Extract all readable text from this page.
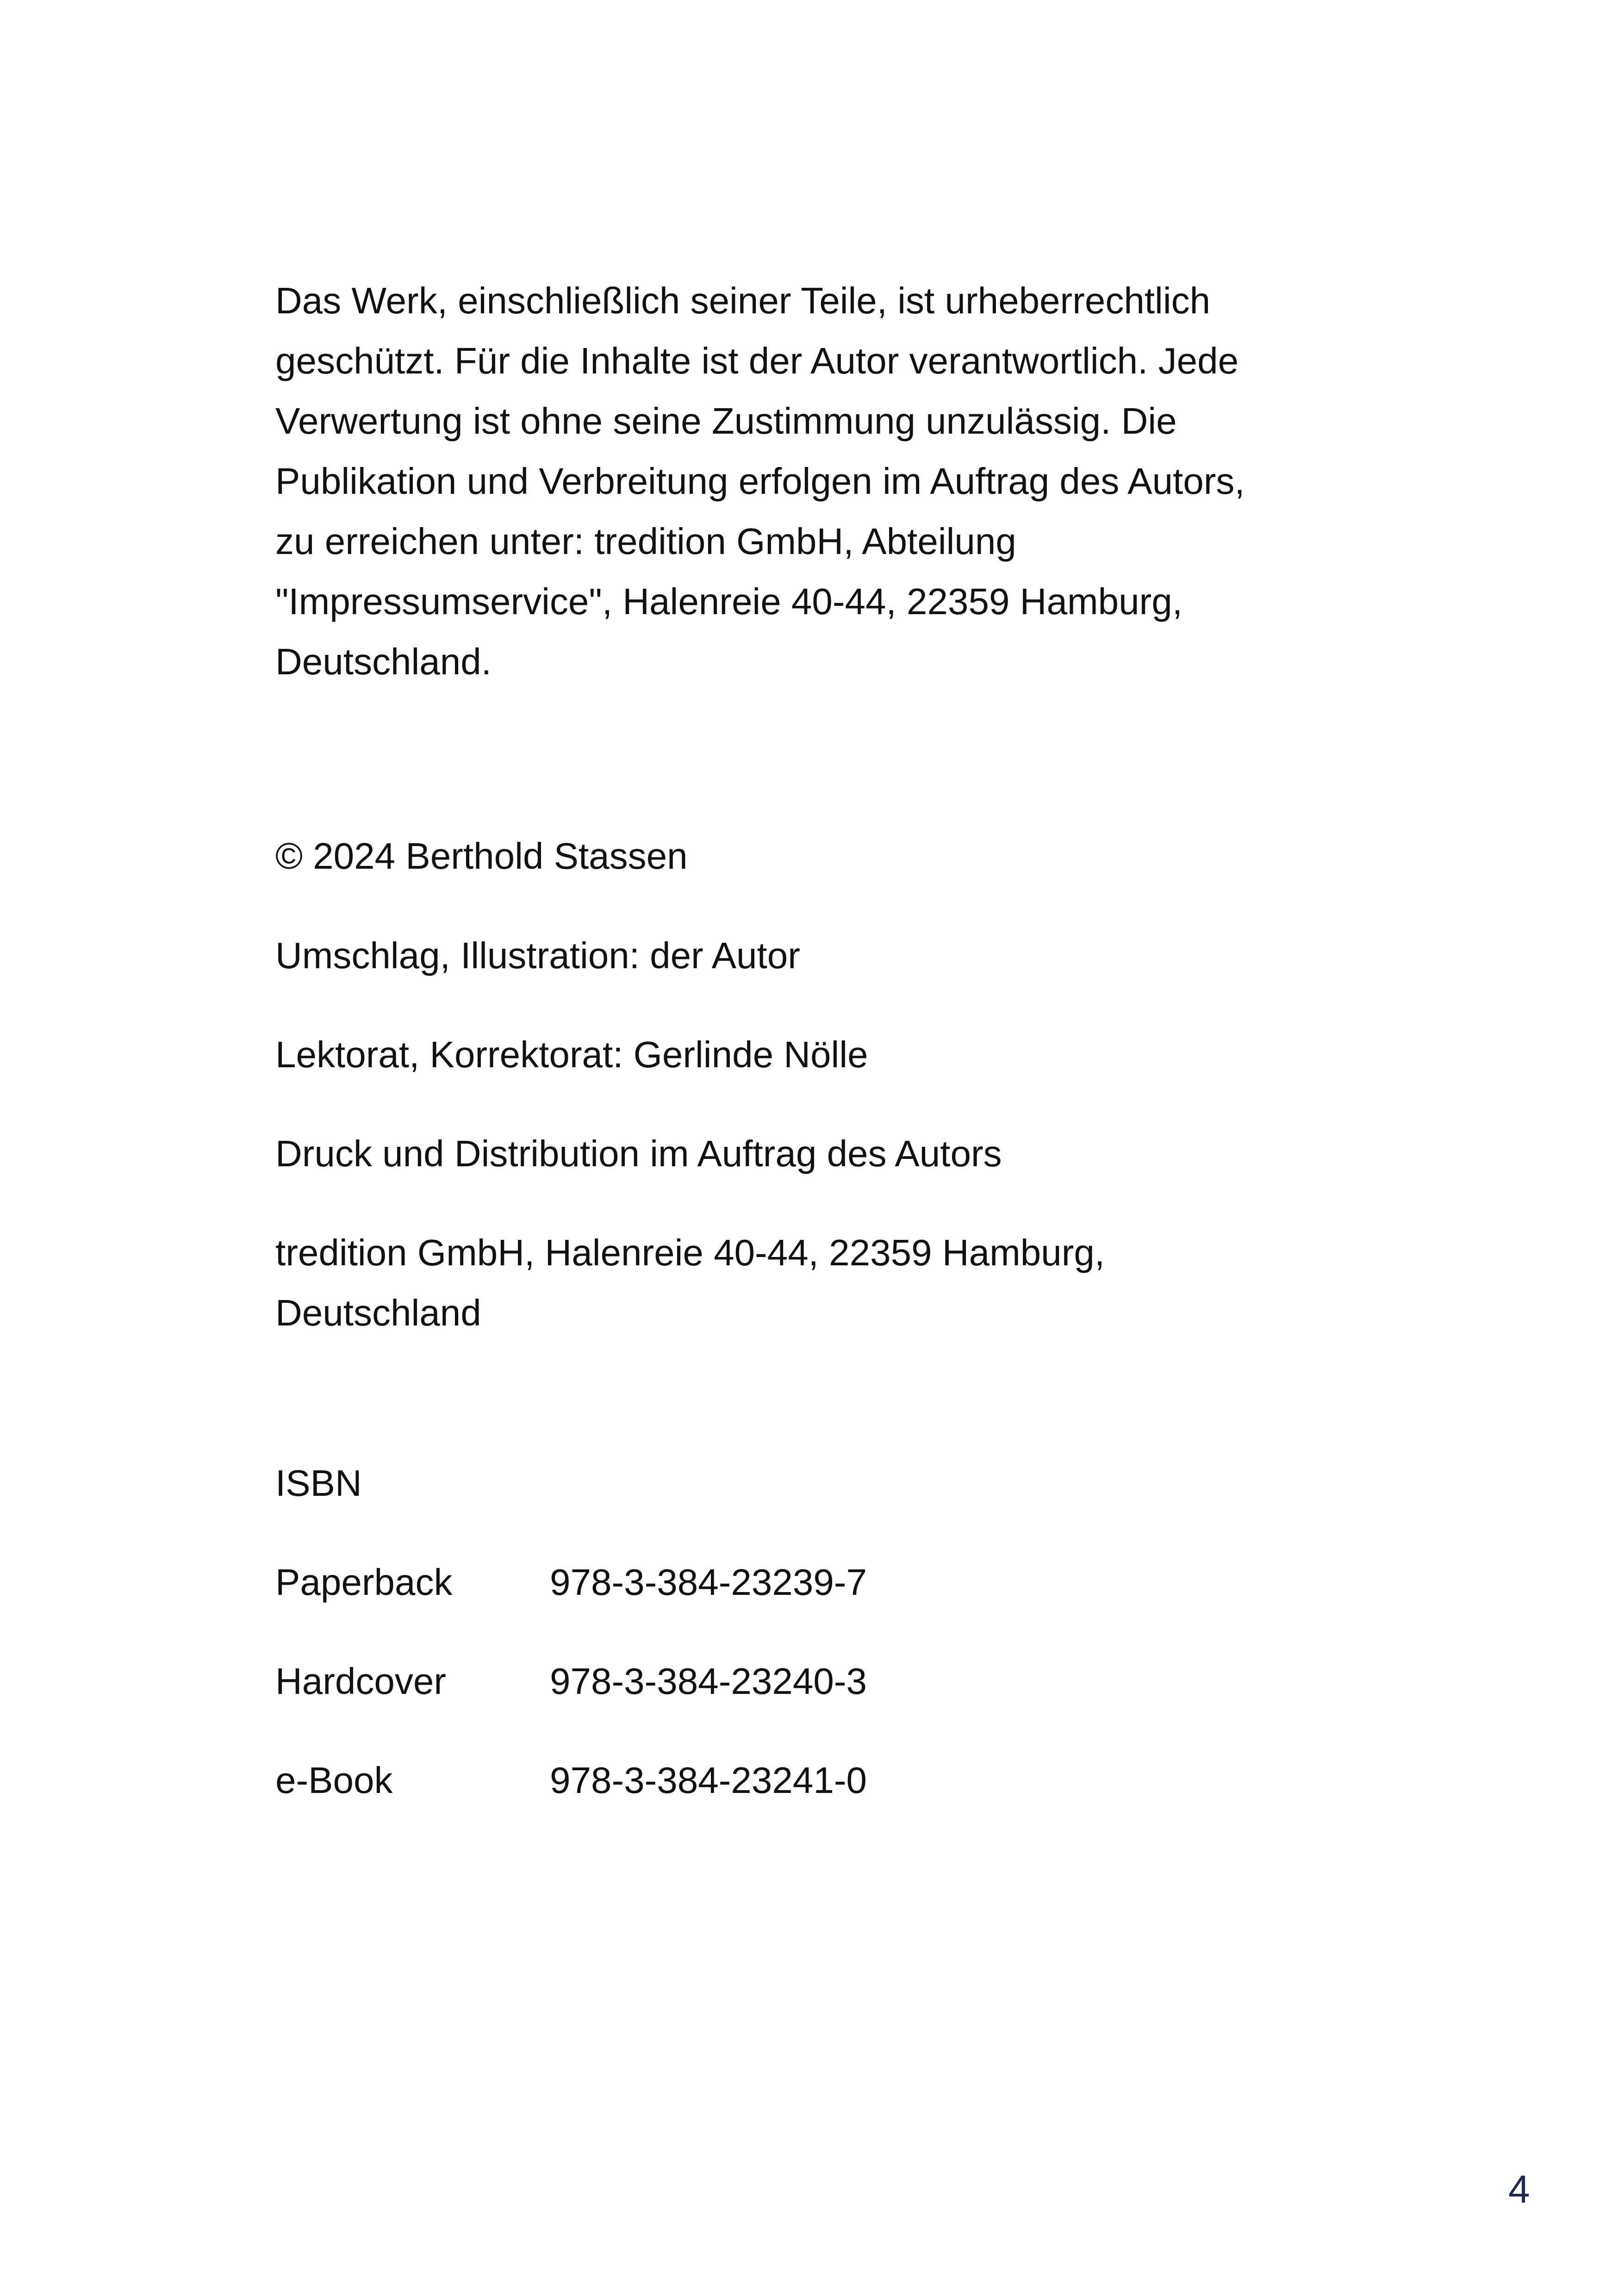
Das Werk, einschließlich seiner Teile, ist urheberrechtlich
geschützt. Für die Inhalte ist der Autor verantwortlich. Jede
Verwertung ist ohne seine Zustimmung unzulässig. Die
Publikation und Verbreitung erfolgen im Auftrag des Autors,
zu erreichen unter: tredition GmbH, Abteilung
"Impressumservice", Halenreie 40-44, 22359 Hamburg,
Deutschland.
© 2024 Berthold Stassen
Umschlag, Illustration: der Autor
Lektorat, Korrektorat: Gerlinde Nölle
Druck und Distribution im Auftrag des Autors
tredition GmbH, Halenreie 40-44, 22359 Hamburg,
Deutschland
ISBN
Paperback	978-3-384-23239-7
Hardcover	978-3-384-23240-3
e-Book	978-3-384-23241-0
4
